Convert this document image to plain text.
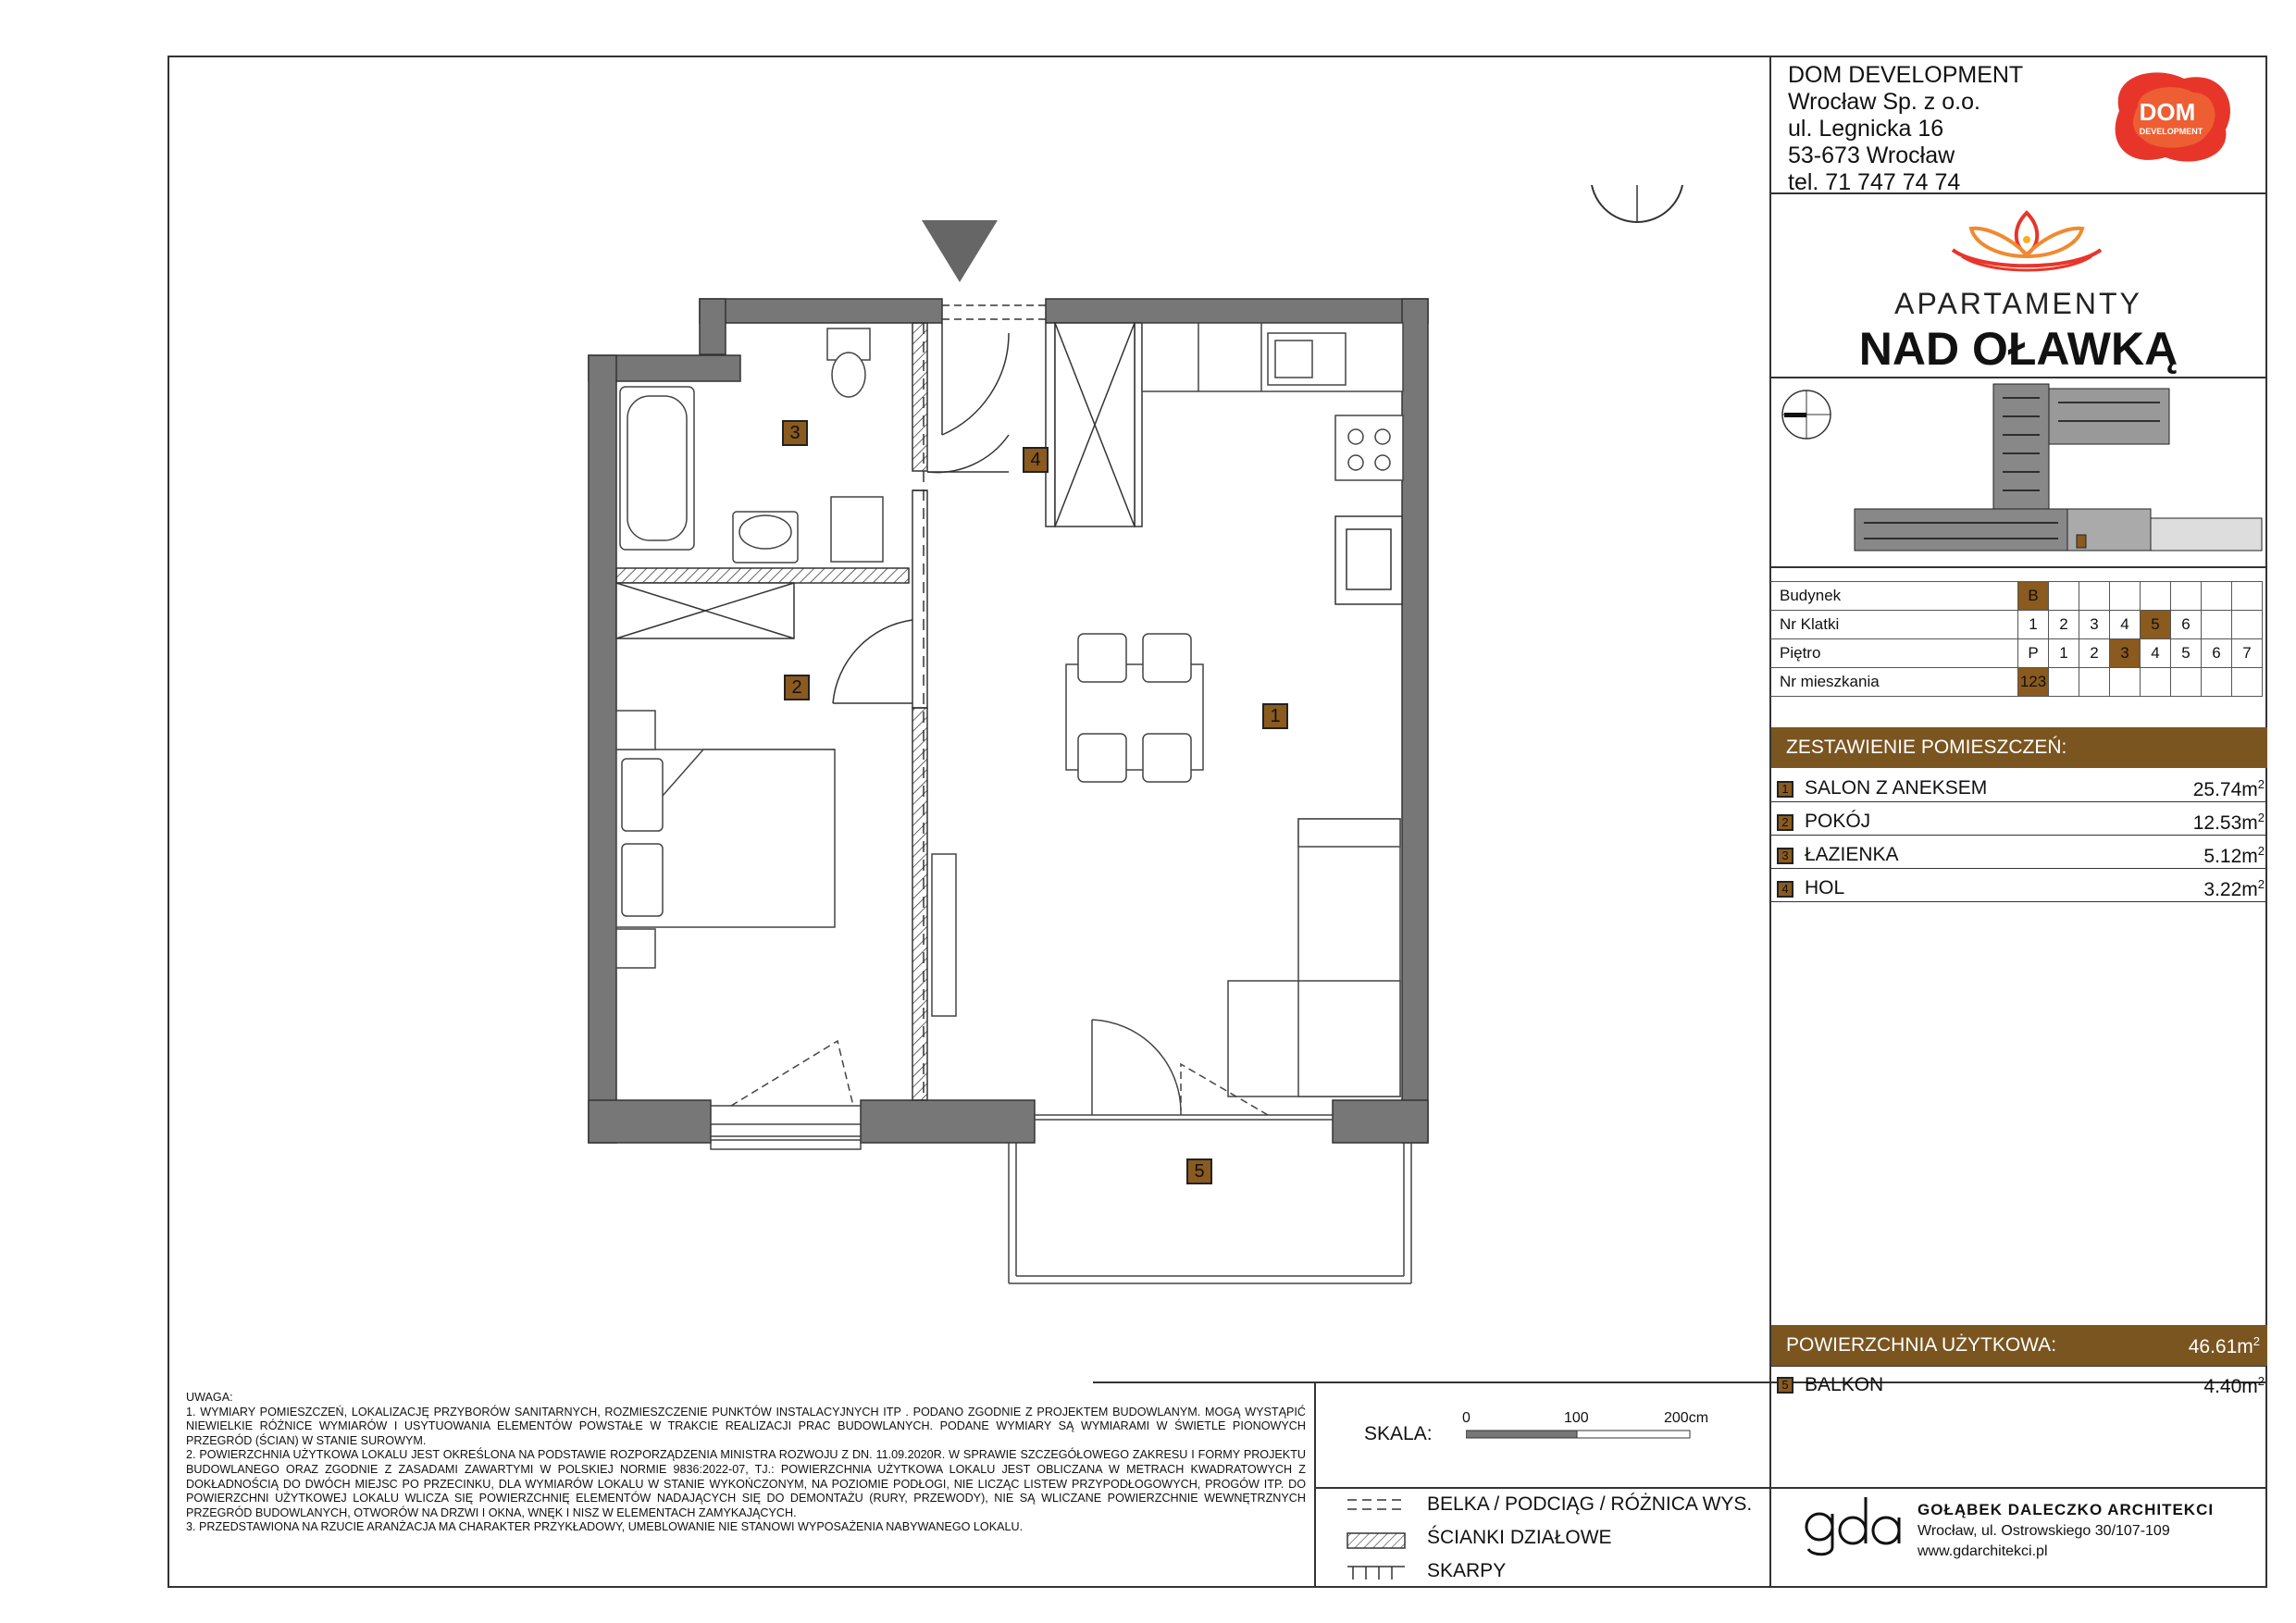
DOM DEVELOPMENT
Wrocław Sp. z o.o.
ul. Legnicka 16
53-673 Wrocław
tel. 71 747 74 74
DOM
DEVELOPMENT
APARTAMENTY
NAD OŁAWKĄ
Budynek	B							
Nr Klatki	1	2	3	4	5	6		
Piętro	P	1	2	3	4	5	6	7
Nr mieszkania	123							
ZESTAWIENIE POMIESZCZEŃ:
1 SALON Z ANEKSEM	$25.74m^2$
2 POKÓJ	$12.53m^2$
3 ŁAZIENKA	$5.12m^2$
4 HOL	$3.22m^2$
POWIERZCHNIA UŻYTKOWA:	$46.61m^2$
5 BALKON	$4.40m^2$
1
2
3
4
5
UWAGA:
1. WYMIARY POMIESZCZEŃ, LOKALIZACJĘ PRZYBORÓW SANITARNYCH, ROZMIESZCZENIE PUNKTÓW INSTALACYJNYCH ITP . PODANO ZGODNIE Z PROJEKTEM BUDOWLANYM. MOGĄ WYSTĄPIĆ NIEWIELKIE RÓŻNICE WYMIARÓW I USYTUOWANIA ELEMENTÓW POWSTAŁE W TRAKCIE REALIZACJI PRAC BUDOWLANYCH. PODANE WYMIARY SĄ WYMIARAMI W ŚWIETLE PIONOWYCH PRZEGRÓD (ŚCIAN) W STANIE SUROWYM.
2. POWIERZCHNIA UŻYTKOWA LOKALU JEST OKREŚLONA NA PODSTAWIE ROZPORZĄDZENIA MINISTRA ROZWOJU Z DN. 11.09.2020R. W SPRAWIE SZCZEGÓŁOWEGO ZAKRESU I FORMY PROJEKTU BUDOWLANEGO ORAZ ZGODNIE Z ZASADAMI ZAWARTYMI W POLSKIEJ NORMIE 9836:2022-07, TJ.: POWIERZCHNIA UŻYTKOWA LOKALU JEST OBLICZANA W METRACH KWADRATOWYCH Z DOKŁADNOŚCIĄ DO DWÓCH MIEJSC PO PRZECINKU, DLA WYMIARÓW LOKALU W STANIE WYKOŃCZONYM, NA POZIOMIE PODŁOGI, NIE LICZĄC LISTEW PRZYPODŁOGOWYCH, PROGÓW ITP. DO POWIERZCHNI UŻYTKOWEJ LOKALU WLICZA SIĘ POWIERZCHNIĘ ELEMENTÓW NADAJĄCYCH SIĘ DO DEMONTAŻU (RURY, PRZEWODY), NIE SĄ WLICZANE POWIERZCHNIE WEWNĘTRZNYCH PRZEGRÓD BUDOWLANYCH, OTWORÓW NA DRZWI I OKNA, WNĘK I NISZ W ELEMENTACH ZAMYKAJĄCYCH.
3. PRZEDSTAWIONA NA RZUCIE ARANŻACJA MA CHARAKTER PRZYKŁADOWY, UMEBLOWANIE NIE STANOWI WYPOSAŻENIA NABYWANEGO LOKALU.
SKALA:
0	100	200cm
BELKA / PODCIĄG / RÓŻNICA WYS.
ŚCIANKI DZIAŁOWE
SKARPY
GOŁĄBEK DALECZKO ARCHITEKCI
Wrocław, ul. Ostrowskiego 30/107-109
www.gdarchitekci.pl
